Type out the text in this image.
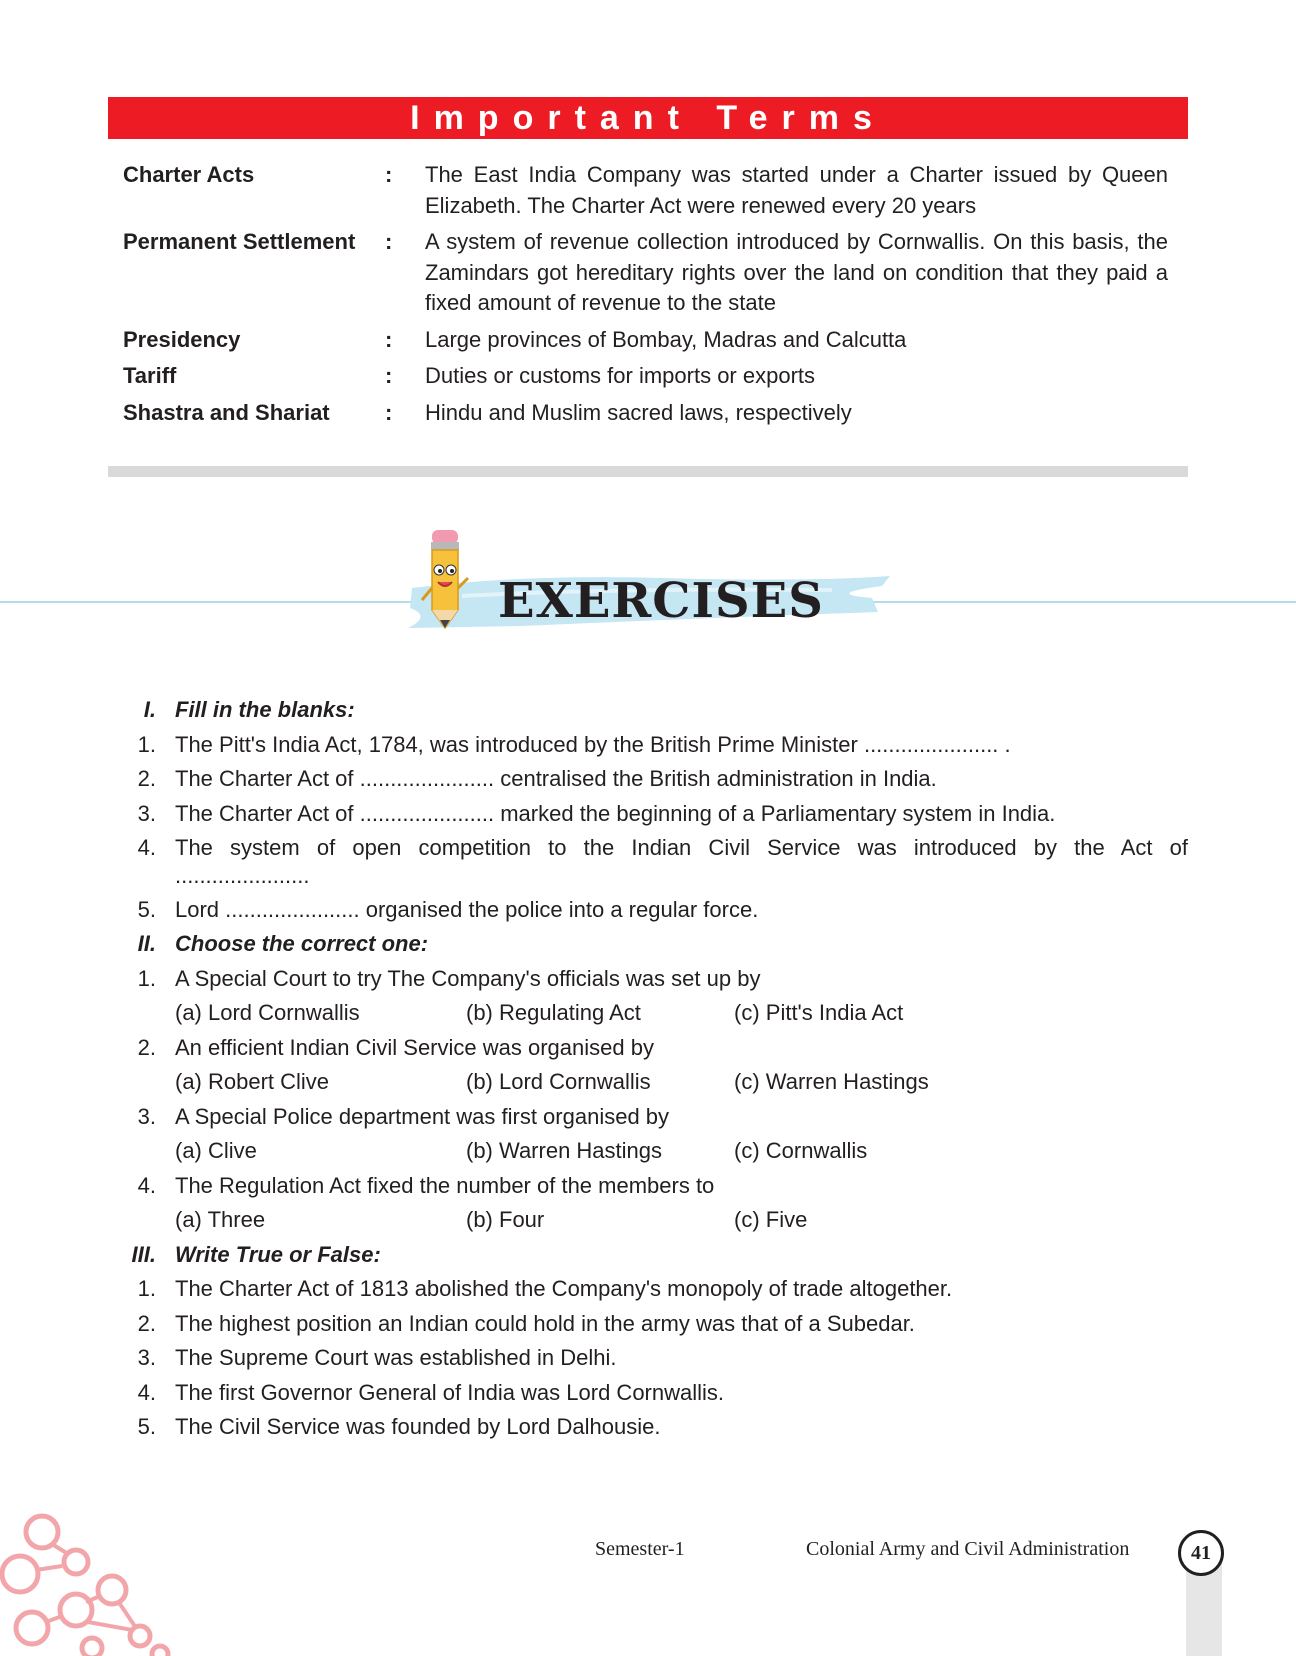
Important Terms
Charter Acts	:	The East India Company was started under a Charter issued by Queen Elizabeth. The Charter Act were renewed every 20 years
Permanent Settlement	:	A system of revenue collection introduced by Cornwallis. On this basis, the Zamindars got hereditary rights over the land on condition that they paid a fixed amount of revenue to the state
Presidency	:	Large provinces of Bombay, Madras and Calcutta
Tariff	:	Duties or customs for imports or exports
Shastra and Shariat	:	Hindu and Muslim sacred laws, respectively
EXERCISES
I. Fill in the blanks:
1. The Pitt's India Act, 1784, was introduced by the British Prime Minister ...................... .
2. The Charter Act of ...................... centralised the British administration in India.
3. The Charter Act of ...................... marked the beginning of a Parliamentary system in India.
4. The system of open competition to the Indian Civil Service was introduced by the Act of
......................
5. Lord ...................... organised the police into a regular force.
II. Choose the correct one:
1. A Special Court to try The Company's officials was set up by
(a) Lord Cornwallis	(b) Regulating Act	(c) Pitt's India Act
2. An efficient Indian Civil Service was organised by
(a) Robert Clive	(b) Lord Cornwallis	(c) Warren Hastings
3. A Special Police department was first organised by
(a) Clive	(b) Warren Hastings	(c) Cornwallis
4. The Regulation Act fixed the number of the members to
(a) Three	(b) Four	(c) Five
III. Write True or False:
1. The Charter Act of 1813 abolished the Company's monopoly of trade altogether.
2. The highest position an Indian could hold in the army was that of a Subedar.
3. The Supreme Court was established in Delhi.
4. The first Governor General of India was Lord Cornwallis.
5. The Civil Service was founded by Lord Dalhousie.
Semester-1	Colonial Army and Civil Administration	41
